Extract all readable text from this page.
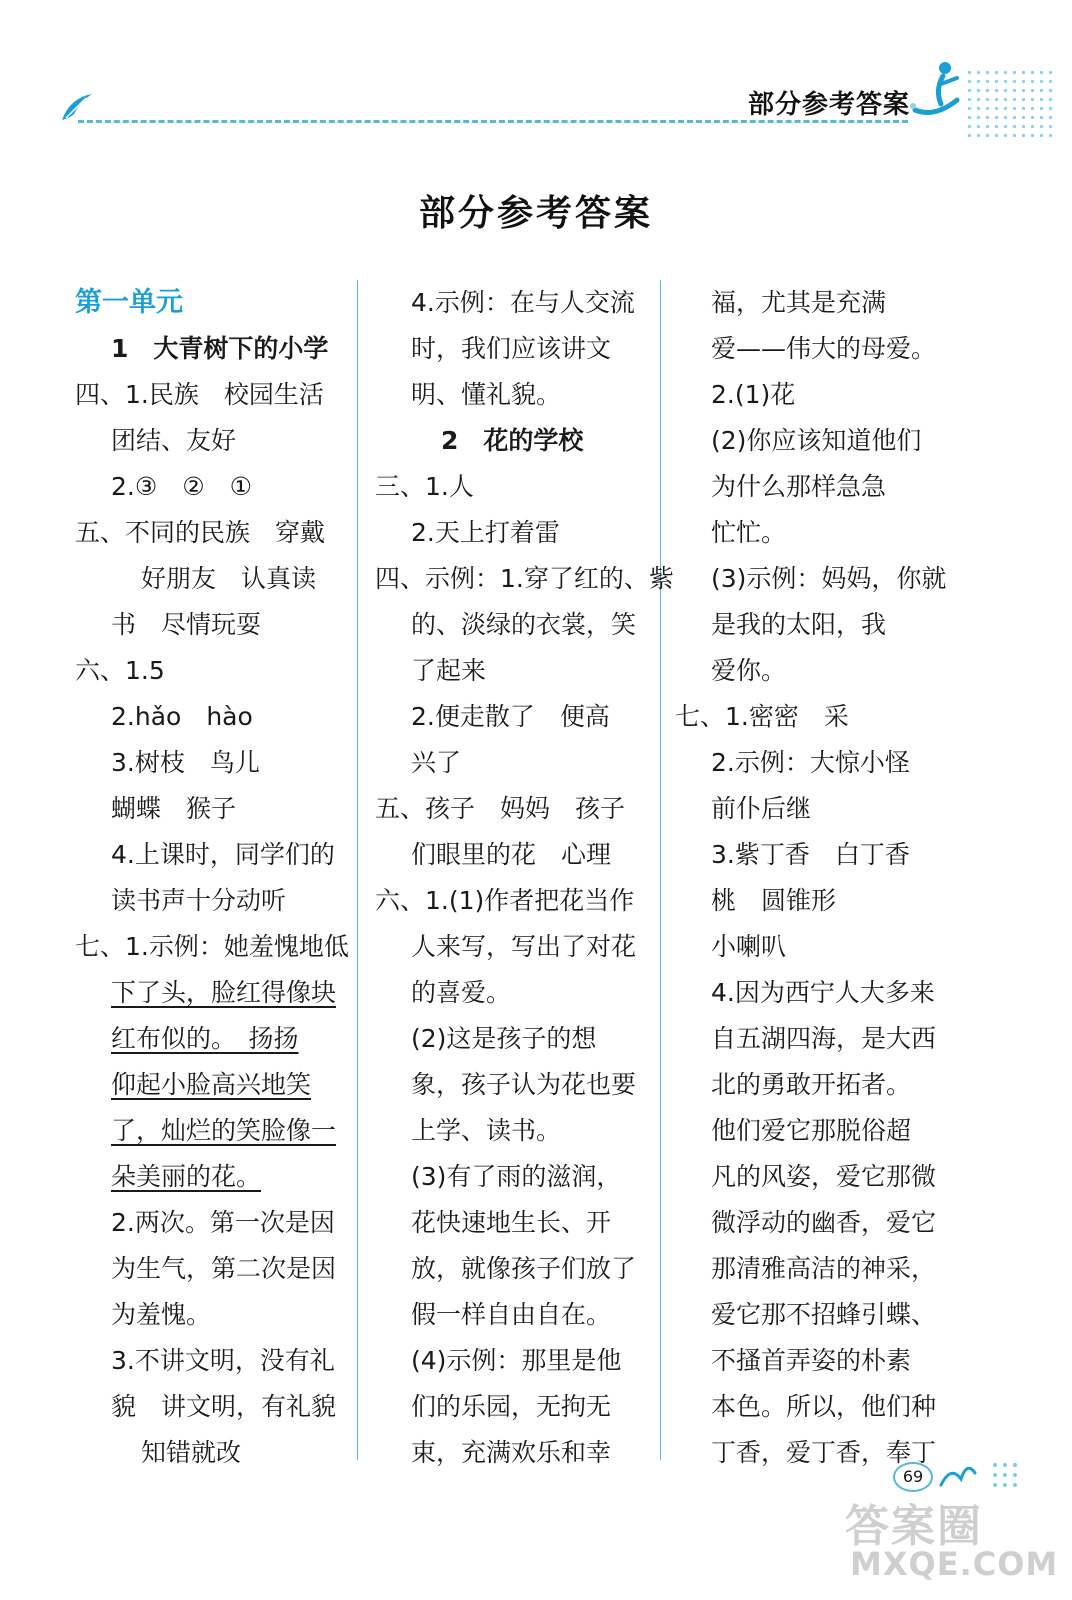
部分参考答案
部分参考答案
第一单元
1　大青树下的小学
四、1.民族　校园生活
团结、友好
2.③　②　①
五、不同的民族　穿戴
好朋友　认真读
书　尽情玩耍
六、1.5
2.hǎo　hào
3.树枝　鸟儿
蝴蝶　猴子
4.上课时，同学们的
读书声十分动听
七、1.示例：她羞愧地低
下了头，脸红得像块
红布似的。　扬扬
仰起小脸高兴地笑
了，灿烂的笑脸像一
朵美丽的花。
2.两次。第一次是因
为生气，第二次是因
为羞愧。
3.不讲文明，没有礼
貌　讲文明，有礼貌
知错就改
4.示例：在与人交流
时，我们应该讲文
明、懂礼貌。
2　花的学校
三、1.人
2.天上打着雷
四、示例：1.穿了红的、紫
的、淡绿的衣裳，笑
了起来
2.便走散了　便高
兴了
五、孩子　妈妈　孩子
们眼里的花　心理
六、1.(1)作者把花当作
人来写，写出了对花
的喜爱。
(2)这是孩子的想
象，孩子认为花也要
上学、读书。
(3)有了雨的滋润，
花快速地生长、开
放，就像孩子们放了
假一样自由自在。
(4)示例：那里是他
们的乐园，无拘无
束，充满欢乐和幸
福，尤其是充满
爱——伟大的母爱。
2.(1)花
(2)你应该知道他们
为什么那样急急
忙忙。
(3)示例：妈妈，你就
是我的太阳，我
爱你。
七、1.密密　采
2.示例：大惊小怪
前仆后继
3.紫丁香　白丁香
桃　圆锥形
小喇叭
4.因为西宁人大多来
自五湖四海，是大西
北的勇敢开拓者。
他们爱它那脱俗超
凡的风姿，爱它那微
微浮动的幽香，爱它
那清雅高洁的神采，
爱它那不招蜂引蝶、
不搔首弄姿的朴素
本色。所以，他们种
丁香，爱丁香，奉丁
69
答案圈
MXQE.COM
